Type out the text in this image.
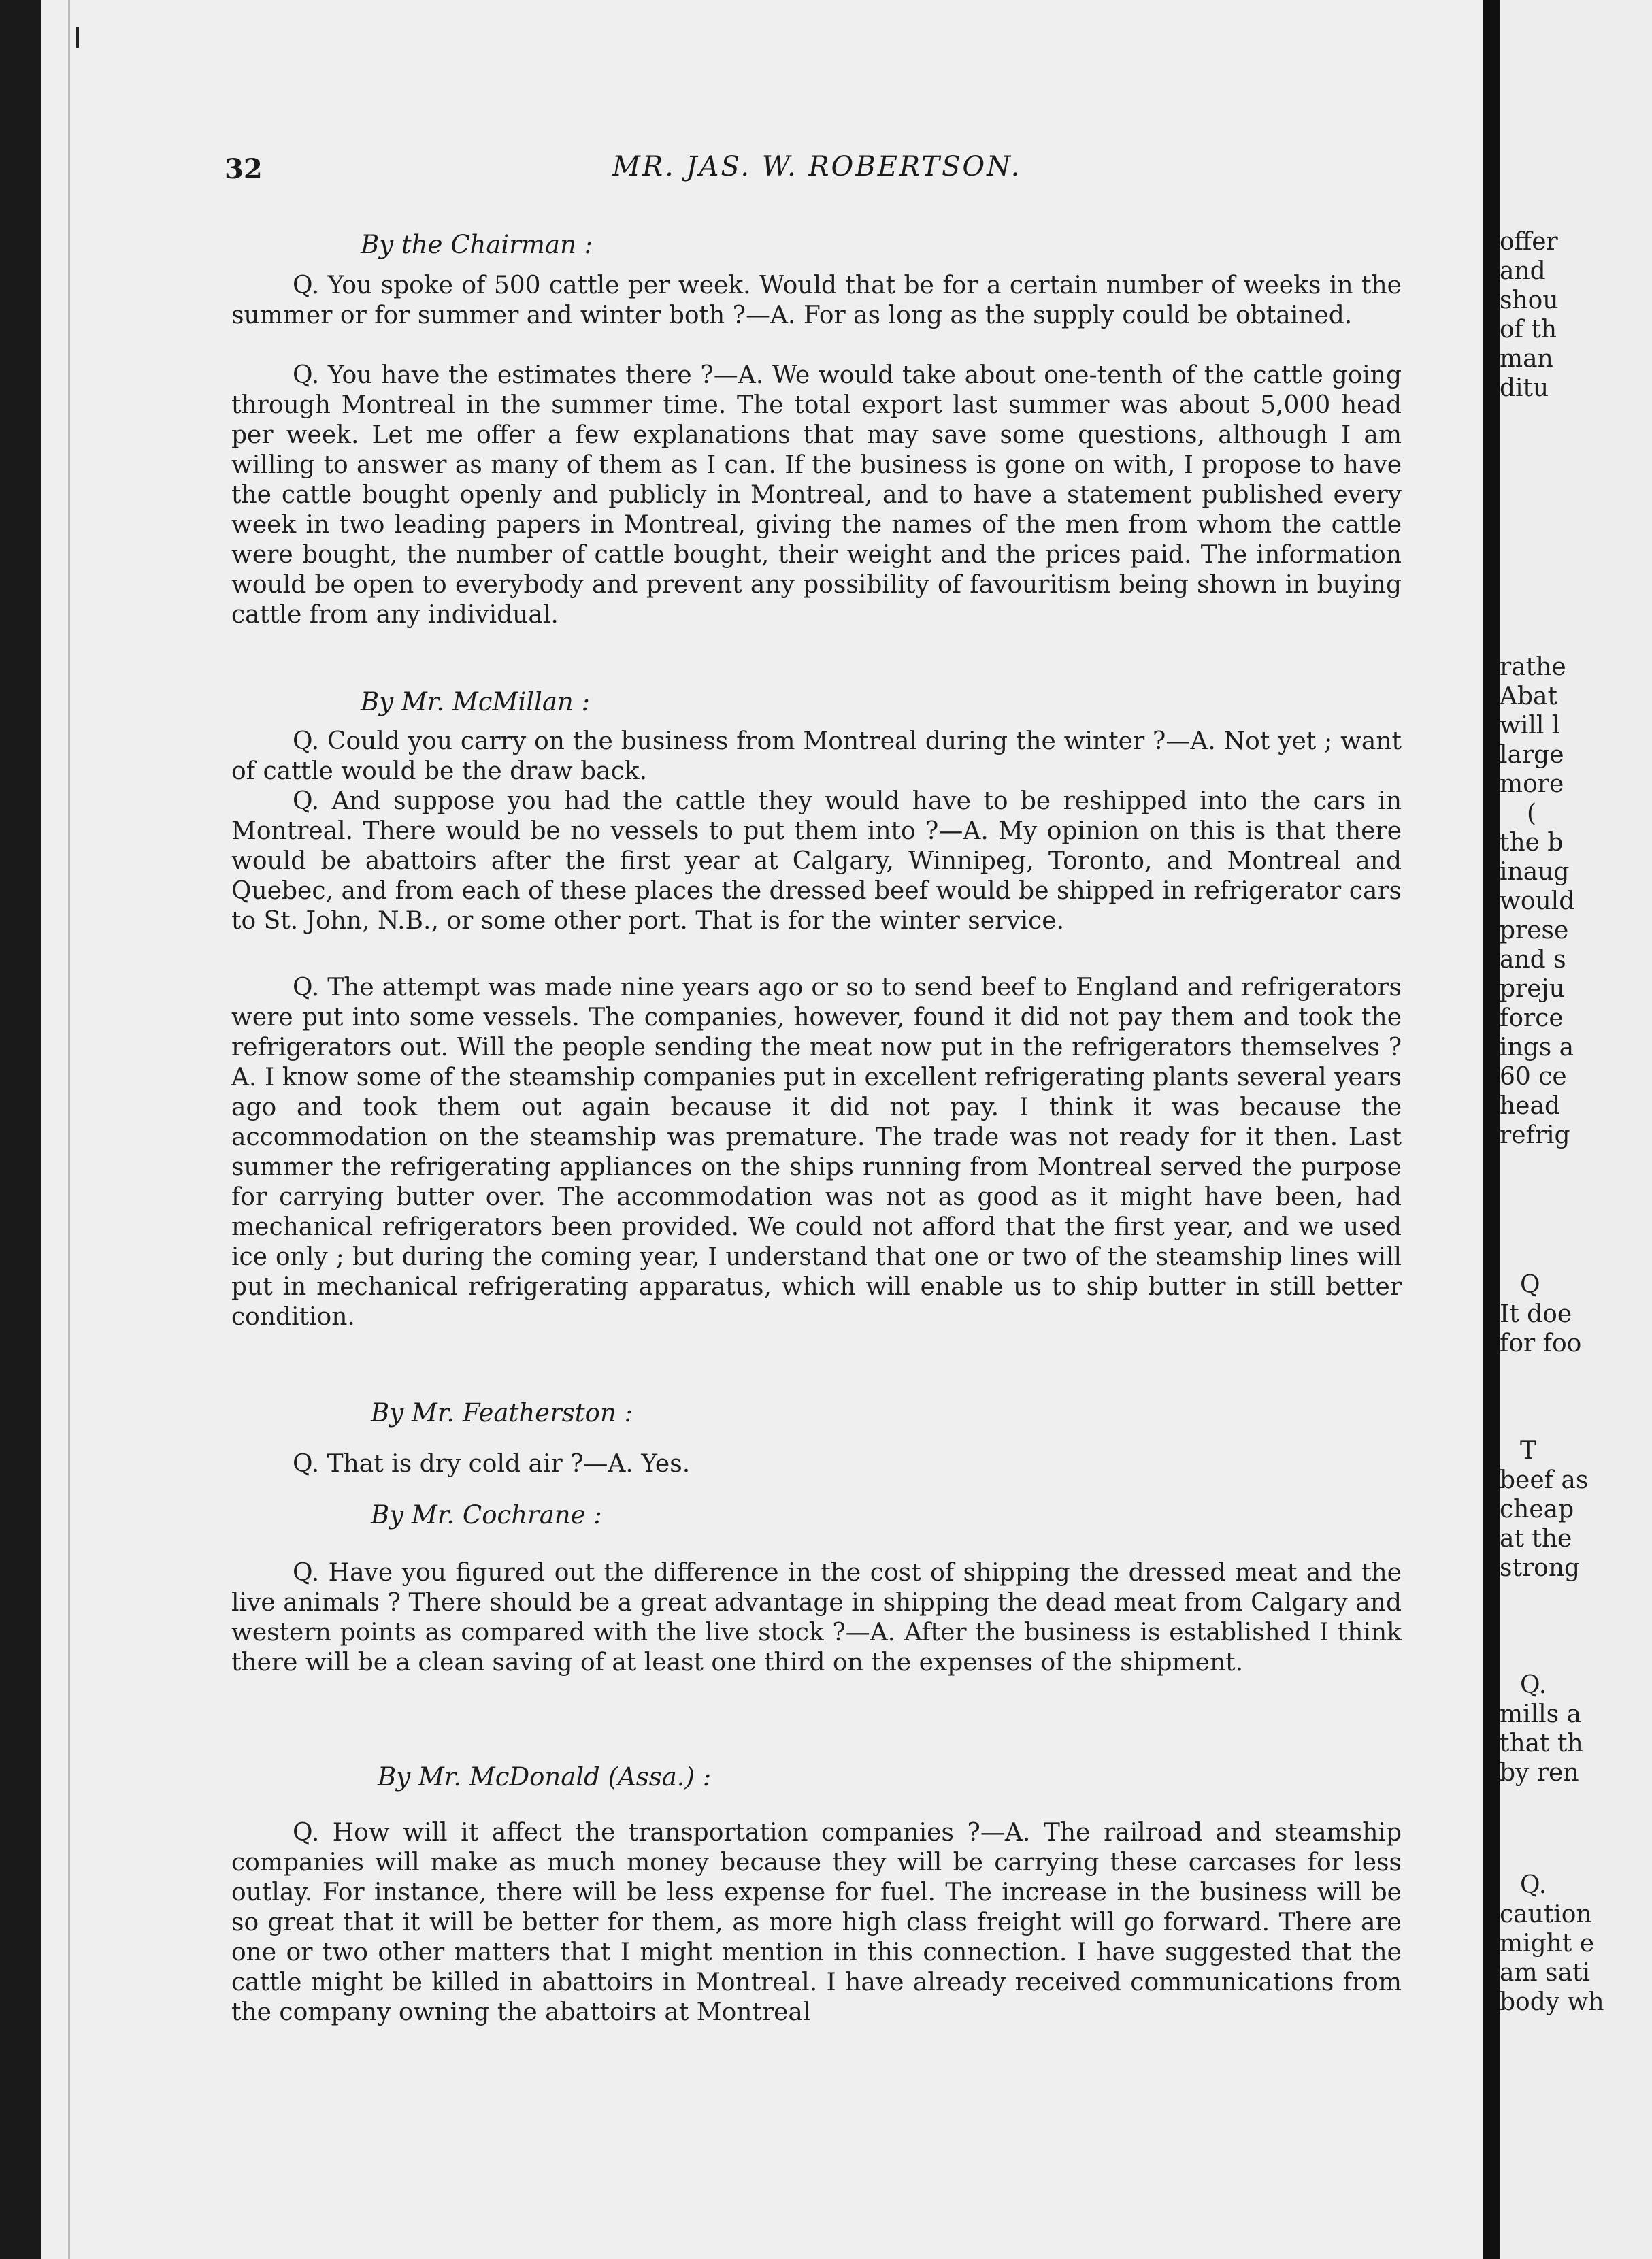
32	MR. JAS. W. ROBERTSON.
By the Chairman :

Q. You spoke of 500 cattle per week. Would that be for a certain number of weeks in the summer or for summer and winter both ?—A. For as long as the supply could be obtained.

Q. You have the estimates there ?—A. We would take about one-tenth of the cattle going through Montreal in the summer time. The total export last summer was about 5,000 head per week. Let me offer a few explanations that may save some questions, although I am willing to answer as many of them as I can. If the business is gone on with, I propose to have the cattle bought openly and publicly in Montreal, and to have a statement published every week in two leading papers in Montreal, giving the names of the men from whom the cattle were bought, the number of cattle bought, their weight and the prices paid. The information would be open to everybody and prevent any possibility of favouritism being shown in buying cattle from any individual.

By Mr. McMillan :

Q. Could you carry on the business from Montreal during the winter ?—A. Not yet ; want of cattle would be the draw back.

Q. And suppose you had the cattle they would have to be reshipped into the cars in Montreal. There would be no vessels to put them into ?—A. My opinion on this is that there would be abattoirs after the first year at Calgary, Winnipeg, Toronto, and Montreal and Quebec, and from each of these places the dressed beef would be shipped in refrigerator cars to St. John, N.B., or some other port. That is for the winter service.

Q. The attempt was made nine years ago or so to send beef to England and refrigerators were put into some vessels. The companies, however, found it did not pay them and took the refrigerators out. Will the people sending the meat now put in the refrigerators themselves ? A. I know some of the steamship companies put in excellent refrigerating plants several years ago and took them out again because it did not pay. I think it was because the accommodation on the steamship was premature. The trade was not ready for it then. Last summer the refrigerating appliances on the ships running from Montreal served the purpose for carrying butter over. The accommodation was not as good as it might have been, had mechanical refrigerators been provided. We could not afford that the first year, and we used ice only ; but during the coming year, I understand that one or two of the steamship lines will put in mechanical refrigerating apparatus, which will enable us to ship butter in still better condition.

By Mr. Featherston :

Q. That is dry cold air ?—A. Yes.

By Mr. Cochrane :

Q. Have you figured out the difference in the cost of shipping the dressed meat and the live animals ? There should be a great advantage in shipping the dead meat from Calgary and western points as compared with the live stock ?—A. After the business is established I think there will be a clean saving of at least one third on the expenses of the shipment.

By Mr. McDonald (Assa.) :

Q. How will it affect the transportation companies ?—A. The railroad and steamship companies will make as much money because they will be carrying these carcases for less outlay. For instance, there will be less expense for fuel. The increase in the business will be so great that it will be better for them, as more high class freight will go forward. There are one or two other matters that I might mention in this connection. I have suggested that the cattle might be killed in abattoirs in Montreal. I have already received communications from the company owning the abattoirs at Montreal

offer
and
shou
of th
man
ditu
rathe
Abat
will l
large
more
(
the b
inaug
would
prese
and s
preju
force
ings a
60 ce
head
refrig
Q
It doe
for foo
T
beef as
cheap
at the
strong
Q.
mills a
that th
by ren
Q.
caution
might e
am sati
body wh
